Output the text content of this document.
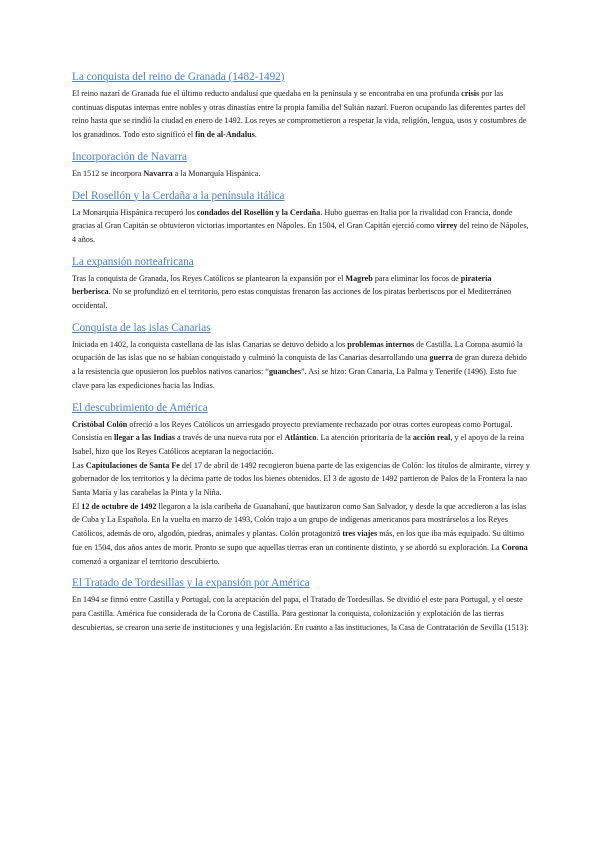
La conquista del reino de Granada (1482-1492)

El reino nazarí de Granada fue el último reducto andalusí que quedaba en la península y se encontraba en una profunda crisis por las continuas disputas internas entre nobles y otras dinastías entre la propia familia del Sultán nazarí. Fueron ocupando las diferentes partes del reino hasta que se rindió la ciudad en enero de 1492. Los reyes se comprometieron a respetar la vida, religión, lengua, usos y costumbres de los granadinos. Todo esto significó el fin de al-Andalus.

Incorporación de Navarra

En 1512 se incorpora Navarra a la Monarquía Hispánica.

Del Rosellón y la Cerdaña a la península itálica

La Monarquía Hispánica recuperó los condados del Rosellón y la Cerdaña. Hubo guerras en Italia por la rivalidad con Francia, donde gracias al Gran Capitán se obtuvieron victorias importantes en Nápoles. En 1504, el Gran Capitán ejerció como virrey del reino de Nápoles, 4 años.

La expansión norteafricana

Tras la conquista de Granada, los Reyes Católicos se plantearon la expansión por el Magreb para eliminar los focos de piratería berberisca. No se profundizó en el territorio, pero estas conquistas frenaron las acciones de los piratas berberiscos por el Mediterráneo occidental.

Conquista de las islas Canarias

Iniciada en 1402, la conquista castellana de las islas Canarias se detuvo debido a los problemas internos de Castilla. La Corona asumió la ocupación de las islas que no se habían conquistado y culminó la conquista de las Canarias desarrollando una guerra de gran dureza debido a la resistencia que opusieron los pueblos nativos canarios: “guanches”. Así se hizo: Gran Canaria, La Palma y Tenerife (1496). Esto fue clave para las expediciones hacia las Indias.

El descubrimiento de América

Cristóbal Colón ofreció a los Reyes Católicos un arriesgado proyecto previamente rechazado por otras cortes europeas como Portugal. Consistía en llegar a las Indias a través de una nueva ruta por el Atlántico. La atención prioritaria de la acción real, y el apoyo de la reina Isabel, hizo que los Reyes Católicos aceptaran la negociación.

Las Capitulaciones de Santa Fe del 17 de abril de 1492 recogieron buena parte de las exigencias de Colón: los títulos de almirante, virrey y gobernador de los territorios y la décima parte de todos los bienes obtenidos. El 3 de agosto de 1492 partieron de Palos de la Frontera la nao Santa María y las carabelas la Pinta y la Niña.

El 12 de octubre de 1492 llegaron a la isla caribeña de Guanahaní, que bautizaron como San Salvador, y desde la que accedieron a las islas de Cuba y La Española. En la vuelta en marzo de 1493, Colón trajo a un grupo de indígenas americanos para mostrárselos a los Reyes Católicos, además de oro, algodón, piedras, animales y plantas. Colón protagonizó tres viajes más, en los que iba más equipado. Su último fue en 1504, dos años antes de morir. Pronto se supo que aquellas tierras eran un continente distinto, y se abordó su exploración. La Corona comenzó a organizar el territorio descubierto.

El Tratado de Tordesillas y la expansión por América

En 1494 se firmó entre Castilla y Portugal, con la aceptación del papa, el Tratado de Tordesillas. Se dividió el este para Portugal, y el oeste para Castilla. América fue considerada de la Corona de Castilla. Para gestionar la conquista, colonización y explotación de las tierras descubiertas, se crearon una serie de instituciones y una legislación. En cuanto a las instituciones, la Casa de Contratación de Sevilla (1513):
